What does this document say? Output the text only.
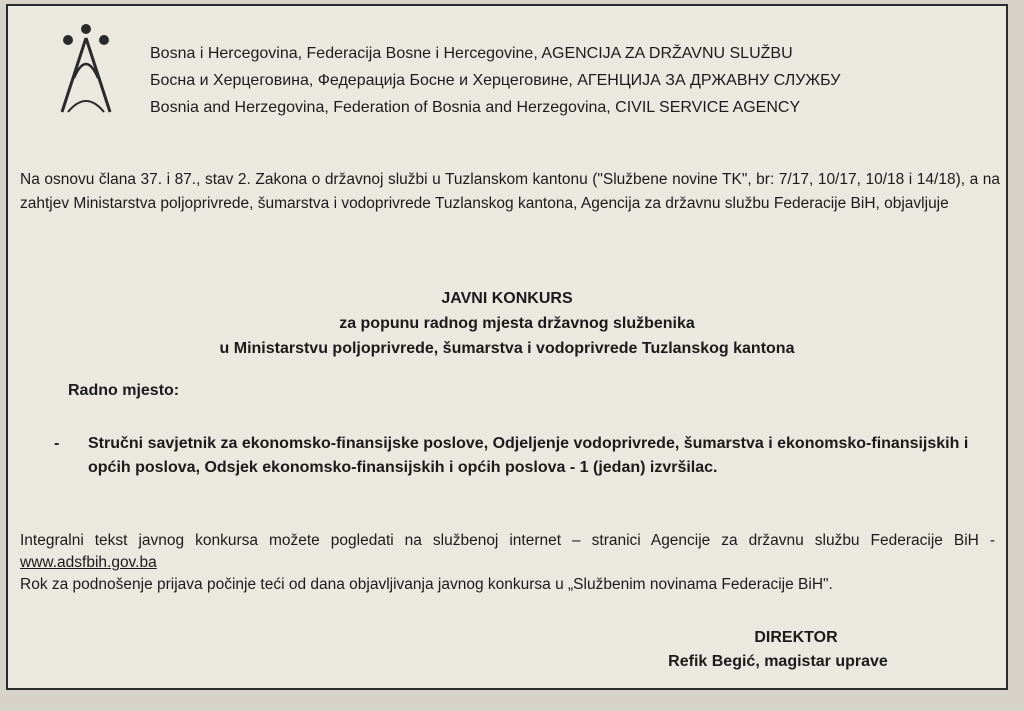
Bosna i Hercegovina, Federacija Bosne i Hercegovine, AGENCIJA ZA DRŽAVNU SLUŽBU
Босна и Херцеговина, Федерација Босне и Херцеговине, АГЕНЦИЈА ЗА ДРЖАВНУ СЛУЖБУ
Bosnia and Herzegovina, Federation of Bosnia and Herzegovina, CIVIL SERVICE AGENCY
Na osnovu člana 37. i 87., stav 2. Zakona o državnoj službi u Tuzlanskom kantonu ("Službene novine TK", br: 7/17, 10/17, 10/18 i 14/18), a na zahtjev Ministarstva poljoprivrede, šumarstva i vodoprivrede Tuzlanskog kantona, Agencija za državnu službu Federacije BiH, objavljuje
JAVNI KONKURS
za popunu radnog mjesta državnog službenika
u Ministarstvu poljoprivrede, šumarstva i vodoprivrede Tuzlanskog kantona
Radno mjesto:
-	Stručni savjetnik za ekonomsko-finansijske poslove, Odjeljenje vodoprivrede, šumarstva i ekonomsko-finansijskih i općih poslova, Odsjek ekonomsko-finansijskih i općih poslova - 1 (jedan) izvršilac.
Integralni tekst javnog konkursa možete pogledati na službenoj internet – stranici Agencije za državnu službu Federacije BiH - www.adsfbih.gov.ba
Rok za podnošenje prijava počinje teći od dana objavljivanja javnog konkursa u „Službenim novinama Federacije BiH".
DIREKTOR
Refik Begić, magistar uprave
